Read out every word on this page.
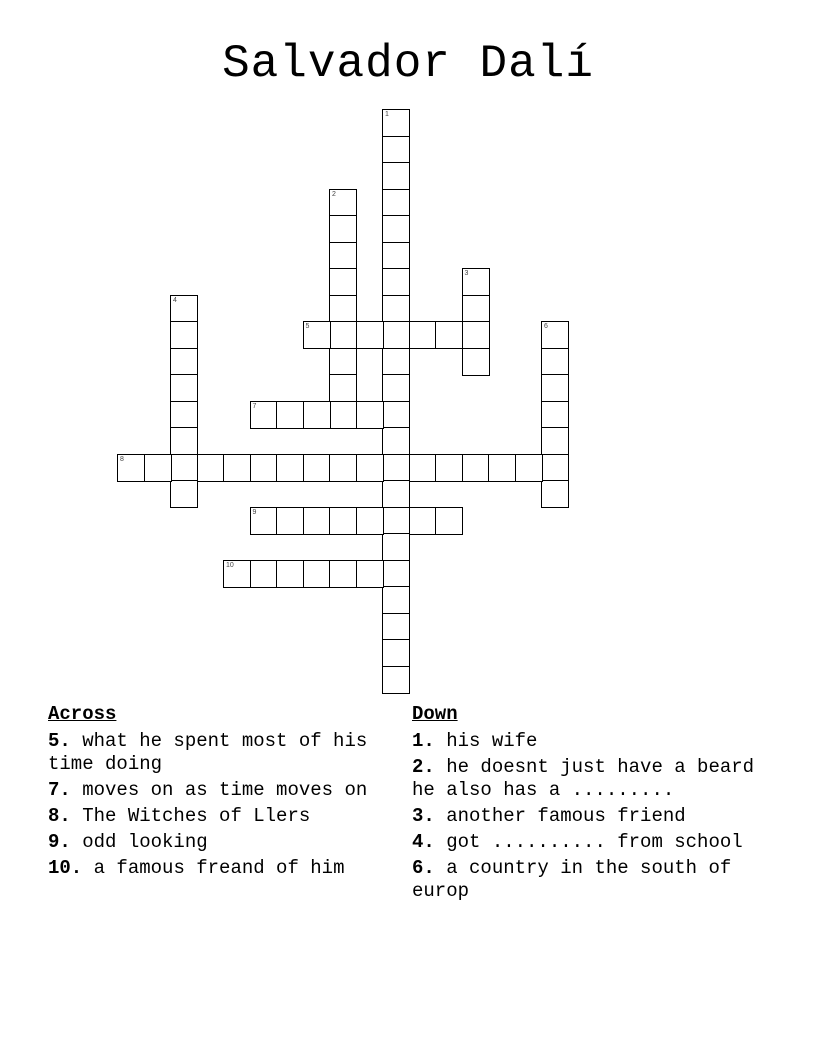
Salvador Dalí
1
2
3
4
5	6
7
8
9
10
Across
5. what he spent most of his time doing
7. moves on as time moves on
8. The Witches of Llers
9. odd looking
10. a famous freand of him
Down
1. his wife
2. he doesnt just have a beard he also has a .........
3. another famous friend
4. got .......... from school
6. a country in the south of europ
